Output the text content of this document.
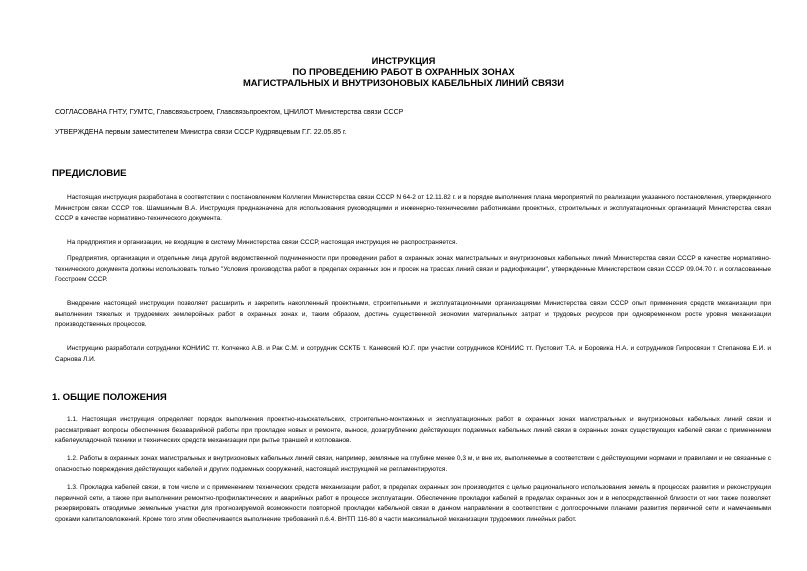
ИНСТРУКЦИЯ
ПО ПРОВЕДЕНИЮ РАБОТ В ОХРАННЫХ ЗОНАХ
МАГИСТРАЛЬНЫХ И ВНУТРИЗОНОВЫХ КАБЕЛЬНЫХ ЛИНИЙ СВЯЗИ
СОГЛАСОВАНА ГНТУ, ГУМТС, Главсвязьстроем, Главсвязьпроектом, ЦНИЛОТ Министерства связи СССР
УТВЕРЖДЕНА первым заместителем Министра связи СССР Кудрявцевым Г.Г. 22.05.85 г.
ПРЕДИСЛОВИЕ

Настоящая инструкция разработана в соответствии с постановлением Коллегии Министерства связи СССР N 64-2 от 12.11.82 г. и в порядке выполнения плана мероприятий по реализации указанного постановления, утвержденного Министром связи СССР тов. Шамшиным В.А. Инструкция предназначена для использования руководящими и инженерно-техническими работниками проектных, строительных и эксплуатационных организаций Министерства связи СССР в качестве нормативно-технического документа.

На предприятия и организации, не входящие в систему Министерства связи СССР, настоящая инструкция не распространяется.

Предприятия, организации и отдельные лица другой ведомственной подчиненности при проведении работ в охранных зонах магистральных и внутризоновых кабельных линий Министерства связи СССР в качестве нормативно-технического документа должны использовать только "Условия производства работ в пределах охранных зон и просек на трассах линий связи и радиофикации", утвержденные Министерством связи СССР 09.04.70 г. и согласованные Госстроем СССР.

Внедрение настоящей инструкции позволяет расширить и закрепить накопленный проектными, строительными и эксплуатационными организациями Министерства связи СССР опыт применения средств механизации при выполнении тяжелых и трудоемких землеройных работ в охранных зонах и, таким образом, достичь существенной экономии материальных затрат и трудовых ресурсов при одновременном росте уровня механизации производственных процессов.

Инструкцию разработали сотрудники КОНИИС тт. Колченко А.В. и Рак С.М. и сотрудник ССКТБ т. Каневский Ю.Г. при участии сотрудников КОНИИС тт. Пустовит Т.А. и Боровика Н.А. и сотрудников Гипросвязи т Степанова Е.И. и Сарнова Л.И.

1. ОБЩИЕ ПОЛОЖЕНИЯ

1.1. Настоящая инструкция определяет порядок выполнения проектно-изыскательских, строительно-монтажных и эксплуатационных работ в охранных зонах магистральных и внутризоновых кабельных линий связи и рассматривает вопросы обеспечения безаварийной работы при прокладке новых и ремонте, выносе, дозагрублению действующих подземных кабельных линий связи в охранных зонах существующих кабелей связи с применением кабелеукладочной техники и технических средств механизации при рытье траншей и котлованов.

1.2. Работы в охранных зонах магистральных и внутризоновых кабельных линий связи, например, земляные на глубине менее 0,3 м, и вне их, выполняемые в соответствии с действующими нормами и правилами и не связанные с опасностью повреждения действующих кабелей и других подземных сооружений, настоящей инструкцией не регламентируются.

1.3. Прокладка кабелей связи, в том числе и с применением технических средств механизации работ, в пределах охранных зон производится с целью рационального использования земель в процессах развития и реконструкции первичной сети, а также при выполнении ремонтно-профилактических и аварийных работ в процессе эксплуатации. Обеспечение прокладки кабелей в пределах охранных зон и в непосредственной близости от них также позволяет резервировать отводимые земельные участки для прогнозируемой возможности повторной прокладки кабельной связи в данном направлении в соответствии с долгосрочными планами развития первичной сети и намечаемыми сроками капиталовложений. Кроме того этим обеспечивается выполнение требований п.6.4. ВНТП 116-80 в части максимальной механизации трудоемких линейных работ.
